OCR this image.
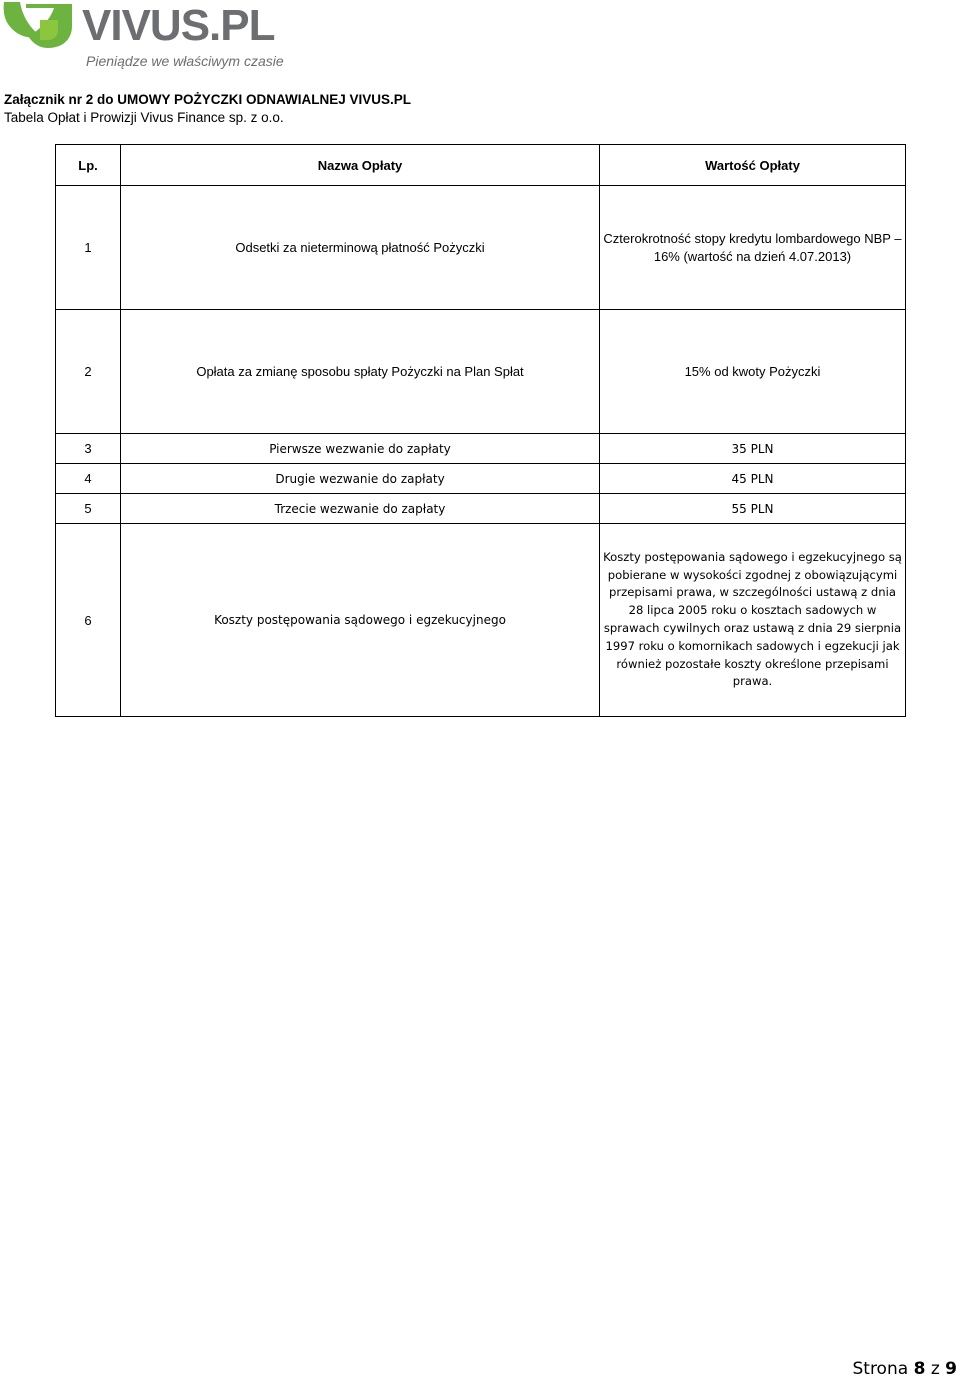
VIVUS.PL
Pieniądze we właściwym czasie
Załącznik nr 2 do UMOWY POŻYCZKI ODNAWIALNEJ VIVUS.PL
Tabela Opłat i Prowizji Vivus Finance sp. z o.o.
Lp.	Nazwa Opłaty	Wartość Opłaty
1	Odsetki za nieterminową płatność Pożyczki	Czterokrotność stopy kredytu lombardowego NBP – 16% (wartość na dzień 4.07.2013)
2	Opłata za zmianę sposobu spłaty Pożyczki na Plan Spłat	15% od kwoty Pożyczki
3	Pierwsze wezwanie do zapłaty	35 PLN
4	Drugie wezwanie do zapłaty	45 PLN
5	Trzecie wezwanie do zapłaty	55 PLN
6	Koszty postępowania sądowego i egzekucyjnego	Koszty postępowania sądowego i egzekucyjnego są pobierane w wysokości zgodnej z obowiązującymi przepisami prawa, w szczególności ustawą z dnia 28 lipca 2005 roku o kosztach sadowych w sprawach cywilnych oraz ustawą z dnia 29 sierpnia 1997 roku o komornikach sadowych i egzekucji jak również pozostałe koszty określone przepisami prawa.
Strona 8 z 9
